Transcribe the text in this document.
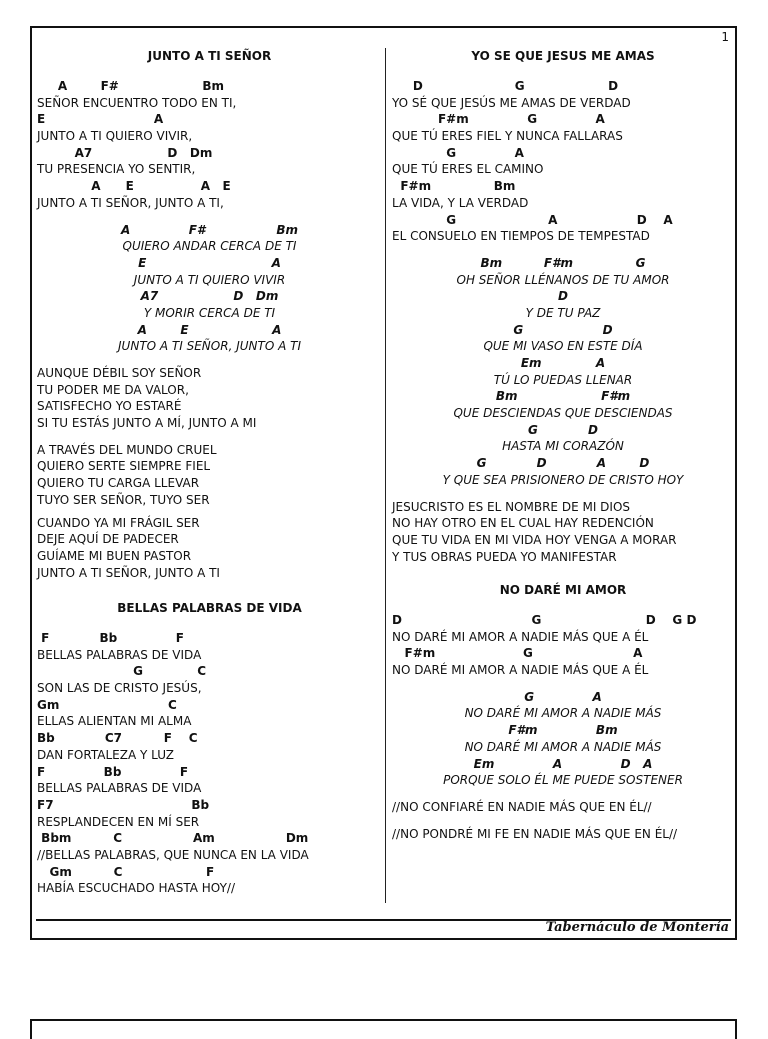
1
JUNTO A TI SEÑOR
A        F#                    Bm
SEÑOR ENCUENTRO TODO EN TI,
E                          A
JUNTO A TI QUIERO VIVIR,
A7                  D   Dm
TU PRESENCIA YO SENTIR,
A      E                A   E
JUNTO A TI SEÑOR, JUNTO A TI,
A              F#                 Bm
QUIERO ANDAR CERCA DE TI
E                              A
JUNTO A TI QUIERO VIVIR
A7                  D   Dm
Y MORIR CERCA DE TI
A        E                    A
JUNTO A TI SEÑOR, JUNTO A TI
AUNQUE DÉBIL SOY SEÑOR
TU PODER ME DA VALOR,
SATISFECHO YO ESTARÉ
SI TU ESTÁS JUNTO A MÍ, JUNTO A MI
A TRAVÉS DEL MUNDO CRUEL
QUIERO SERTE SIEMPRE FIEL
QUIERO TU CARGA LLEVAR
TUYO SER SEÑOR, TUYO SER
CUANDO YA MI FRÁGIL SER
DEJE AQUÍ DE PADECER
GUÍAME MI BUEN PASTOR
JUNTO A TI SEÑOR, JUNTO A TI
BELLAS PALABRAS DE VIDA
F            Bb              F
BELLAS PALABRAS DE VIDA
G             C
SON LAS DE CRISTO JESÚS,
Gm                          C
ELLAS ALIENTAN MI ALMA
Bb            C7          F    C
DAN FORTALEZA Y LUZ
F              Bb              F
BELLAS PALABRAS DE VIDA
F7                                 Bb
RESPLANDECEN EN MÍ SER
Bbm          C                 Am                 Dm
//BELLAS PALABRAS, QUE NUNCA EN LA VIDA
Gm          C                    F
HABÍA ESCUCHADO HASTA HOY//
YO SE QUE JESUS ME AMAS
D                      G                    D
YO SÉ QUE JESÚS ME AMAS DE VERDAD
F#m              G              A
QUE TÚ ERES FIEL Y NUNCA FALLARAS
G              A
QUE TÚ ERES EL CAMINO
F#m               Bm
LA VIDA, Y LA VERDAD
G                      A                   D    A
EL CONSUELO EN TIEMPOS DE TEMPESTAD
Bm          F#m               G
OH SEÑOR LLÉNANOS DE TU AMOR
D
Y DE TU PAZ
G                   D
QUE MI VASO EN ESTE DÍA
Em             A
TÚ LO PUEDAS LLENAR
Bm                    F#m
QUE DESCIENDAS QUE DESCIENDAS
G            D
HASTA MI CORAZÓN
G            D            A        D
Y QUE SEA PRISIONERO DE CRISTO HOY
JESUCRISTO ES EL NOMBRE DE MI DIOS
NO HAY OTRO EN EL CUAL HAY REDENCIÓN
QUE TU VIDA EN MI VIDA HOY VENGA A MORAR
Y TUS OBRAS PUEDA YO MANIFESTAR
NO DARÉ MI AMOR
D                               G                         D    G D
NO DARÉ MI AMOR A NADIE MÁS QUE A ÉL
F#m                     G                        A
NO DARÉ MI AMOR A NADIE MÁS QUE A ÉL
G              A
NO DARÉ MI AMOR A NADIE MÁS
F#m              Bm
NO DARÉ MI AMOR A NADIE MÁS
Em              A              D   A
PORQUE SOLO ÉL ME PUEDE SOSTENER
//NO CONFIARÉ EN NADIE MÁS QUE EN ÉL//
//NO PONDRÉ MI FE EN NADIE MÁS QUE EN ÉL//
Tabernáculo de Montería
